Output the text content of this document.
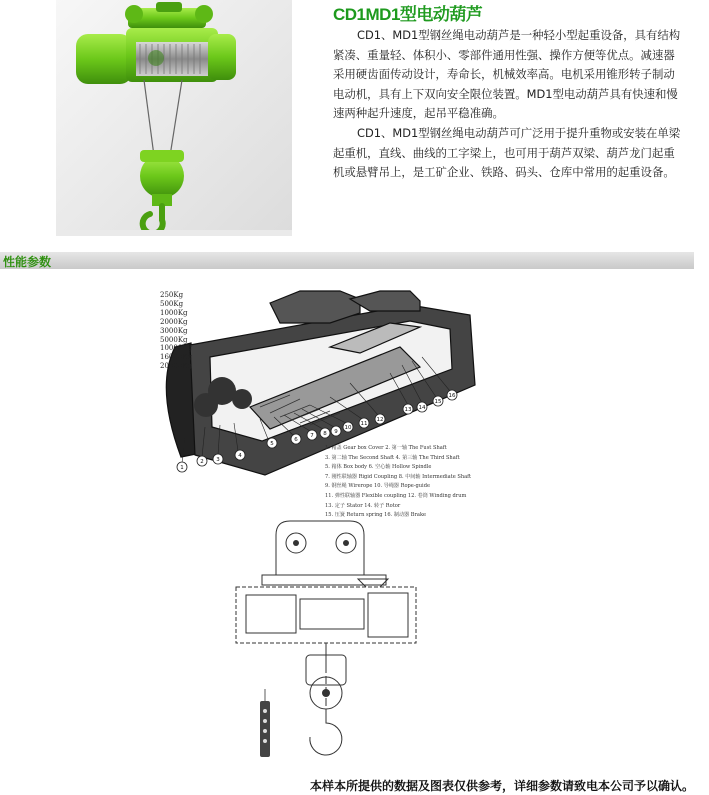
CD1MD1型电动葫芦

CD1、MD1型钢丝绳电动葫芦是一种轻小型起重设备，具有结构紧凑、重量轻、体积小、零部件通用性强、操作方便等优点。减速器采用硬齿面传动设计，寿命长，机械效率高。电机采用锥形转子制动电动机，具有上下双向安全限位装置。MD1型电动葫芦具有快速和慢速两种起升速度，起吊平稳准确。

CD1、MD1型钢丝绳电动葫芦可广泛用于提升重物或安装在单梁起重机，直线、曲线的工字梁上，也可用于葫芦双梁、葫芦龙门起重机或悬臂吊上，是工矿企业、铁路、码头、仓库中常用的起重设备。

性能参数
1
2 3
4
5
6
7 8 9
10
11
12
13 14
15
16
250Kg
500Kg
1000Kg
2000Kg
3000Kg
5000Kg
10000Kg
16000Kg
20000Kg
1. 箱盖 Gear box Cover 2. 第一轴 The Fust Shaft
3. 第二轴 The Second Shaft 4. 第三轴 The Third Shaft
5. 箱体 Box body 6. 空心轴 Hollow Spindle
7. 刚性联轴器 Rigid Coupling 8. 中间轴 Intermediate Shaft
9. 钢丝绳 Wirerope 10. 导绳器 Rope-guide
11. 弹性联轴器 Flexible coupling 12. 卷筒 Winding drum
13. 定子 Stator 14. 转子 Rotor
15. 压簧 Return spring 16. 制动器 Brake
本样本所提供的数据及图表仅供参考，详细参数请致电本公司予以确认。
